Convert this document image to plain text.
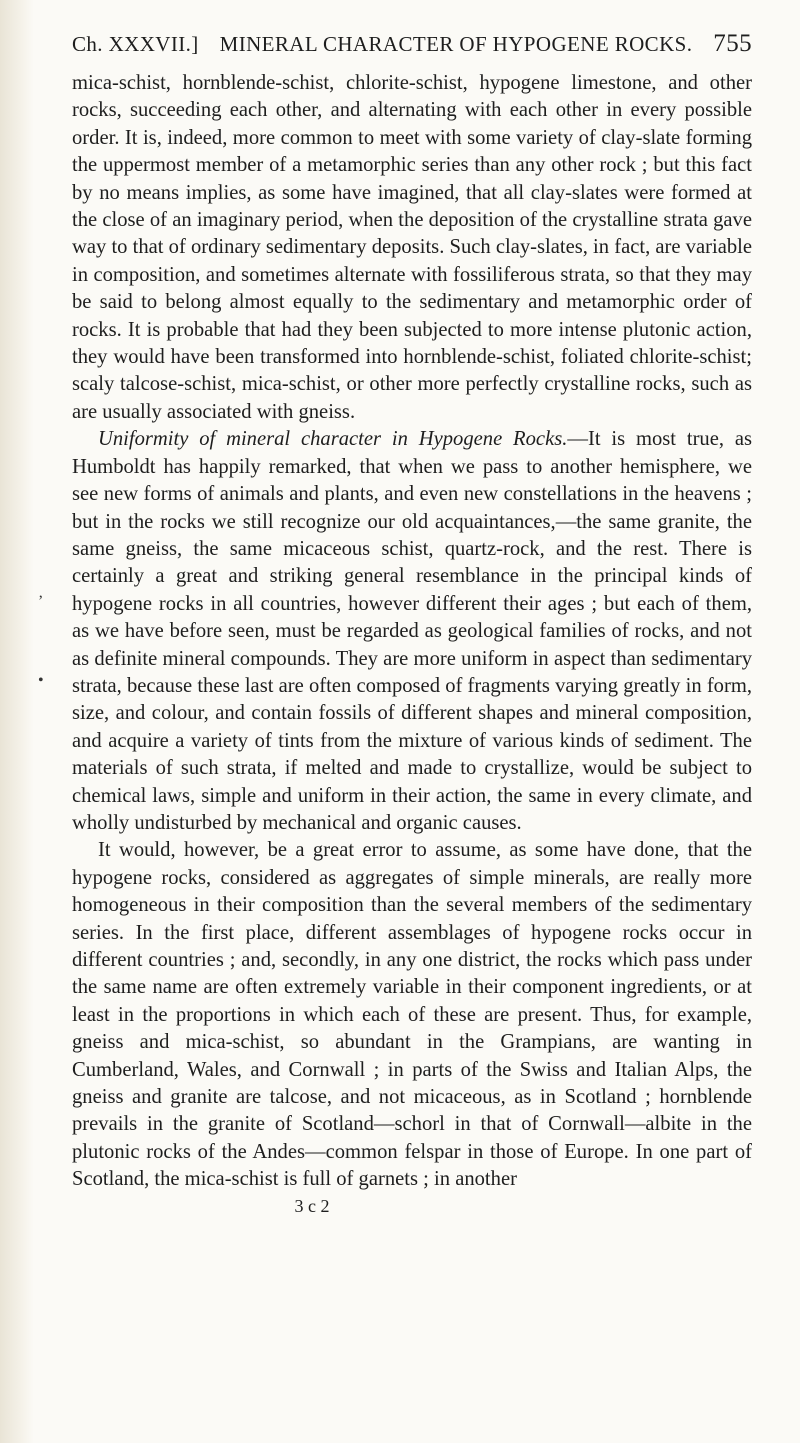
‚
•
Ch. XXXVII.] MINERAL CHARACTER OF HYPOGENE ROCKS. 755

mica-schist, hornblende-schist, chlorite-schist, hypogene limestone, and other rocks, succeeding each other, and alternating with each other in every possible order. It is, indeed, more common to meet with some variety of clay-slate forming the uppermost member of a metamorphic series than any other rock ; but this fact by no means implies, as some have imagined, that all clay-slates were formed at the close of an imaginary period, when the deposition of the crystalline strata gave way to that of ordinary sedimentary deposits. Such clay-slates, in fact, are variable in composition, and sometimes alternate with fossiliferous strata, so that they may be said to belong almost equally to the sedimentary and metamorphic order of rocks. It is probable that had they been subjected to more intense plutonic action, they would have been transformed into hornblende-schist, foliated chlorite-schist; scaly talcose-schist, mica-schist, or other more perfectly crystalline rocks, such as are usually associated with gneiss.

Uniformity of mineral character in Hypogene Rocks.—It is most true, as Humboldt has happily remarked, that when we pass to another hemisphere, we see new forms of animals and plants, and even new constellations in the heavens ; but in the rocks we still recognize our old acquaintances,—the same granite, the same gneiss, the same micaceous schist, quartz-rock, and the rest. There is certainly a great and striking general resemblance in the principal kinds of hypogene rocks in all countries, however different their ages ; but each of them, as we have before seen, must be regarded as geological families of rocks, and not as definite mineral compounds. They are more uniform in aspect than sedimentary strata, because these last are often composed of fragments varying greatly in form, size, and colour, and contain fossils of different shapes and mineral composition, and acquire a variety of tints from the mixture of various kinds of sediment. The materials of such strata, if melted and made to crystallize, would be subject to chemical laws, simple and uniform in their action, the same in every climate, and wholly undisturbed by mechanical and organic causes.

It would, however, be a great error to assume, as some have done, that the hypogene rocks, considered as aggregates of simple minerals, are really more homogeneous in their composition than the several members of the sedimentary series. In the first place, different assemblages of hypogene rocks occur in different countries ; and, secondly, in any one district, the rocks which pass under the same name are often extremely variable in their component ingredients, or at least in the proportions in which each of these are present. Thus, for example, gneiss and mica-schist, so abundant in the Grampians, are wanting in Cumberland, Wales, and Cornwall ; in parts of the Swiss and Italian Alps, the gneiss and granite are talcose, and not micaceous, as in Scotland ; hornblende prevails in the granite of Scotland—schorl in that of Cornwall—albite in the plutonic rocks of the Andes—common felspar in those of Europe. In one part of Scotland, the mica-schist is full of garnets ; in another

3 c 2
